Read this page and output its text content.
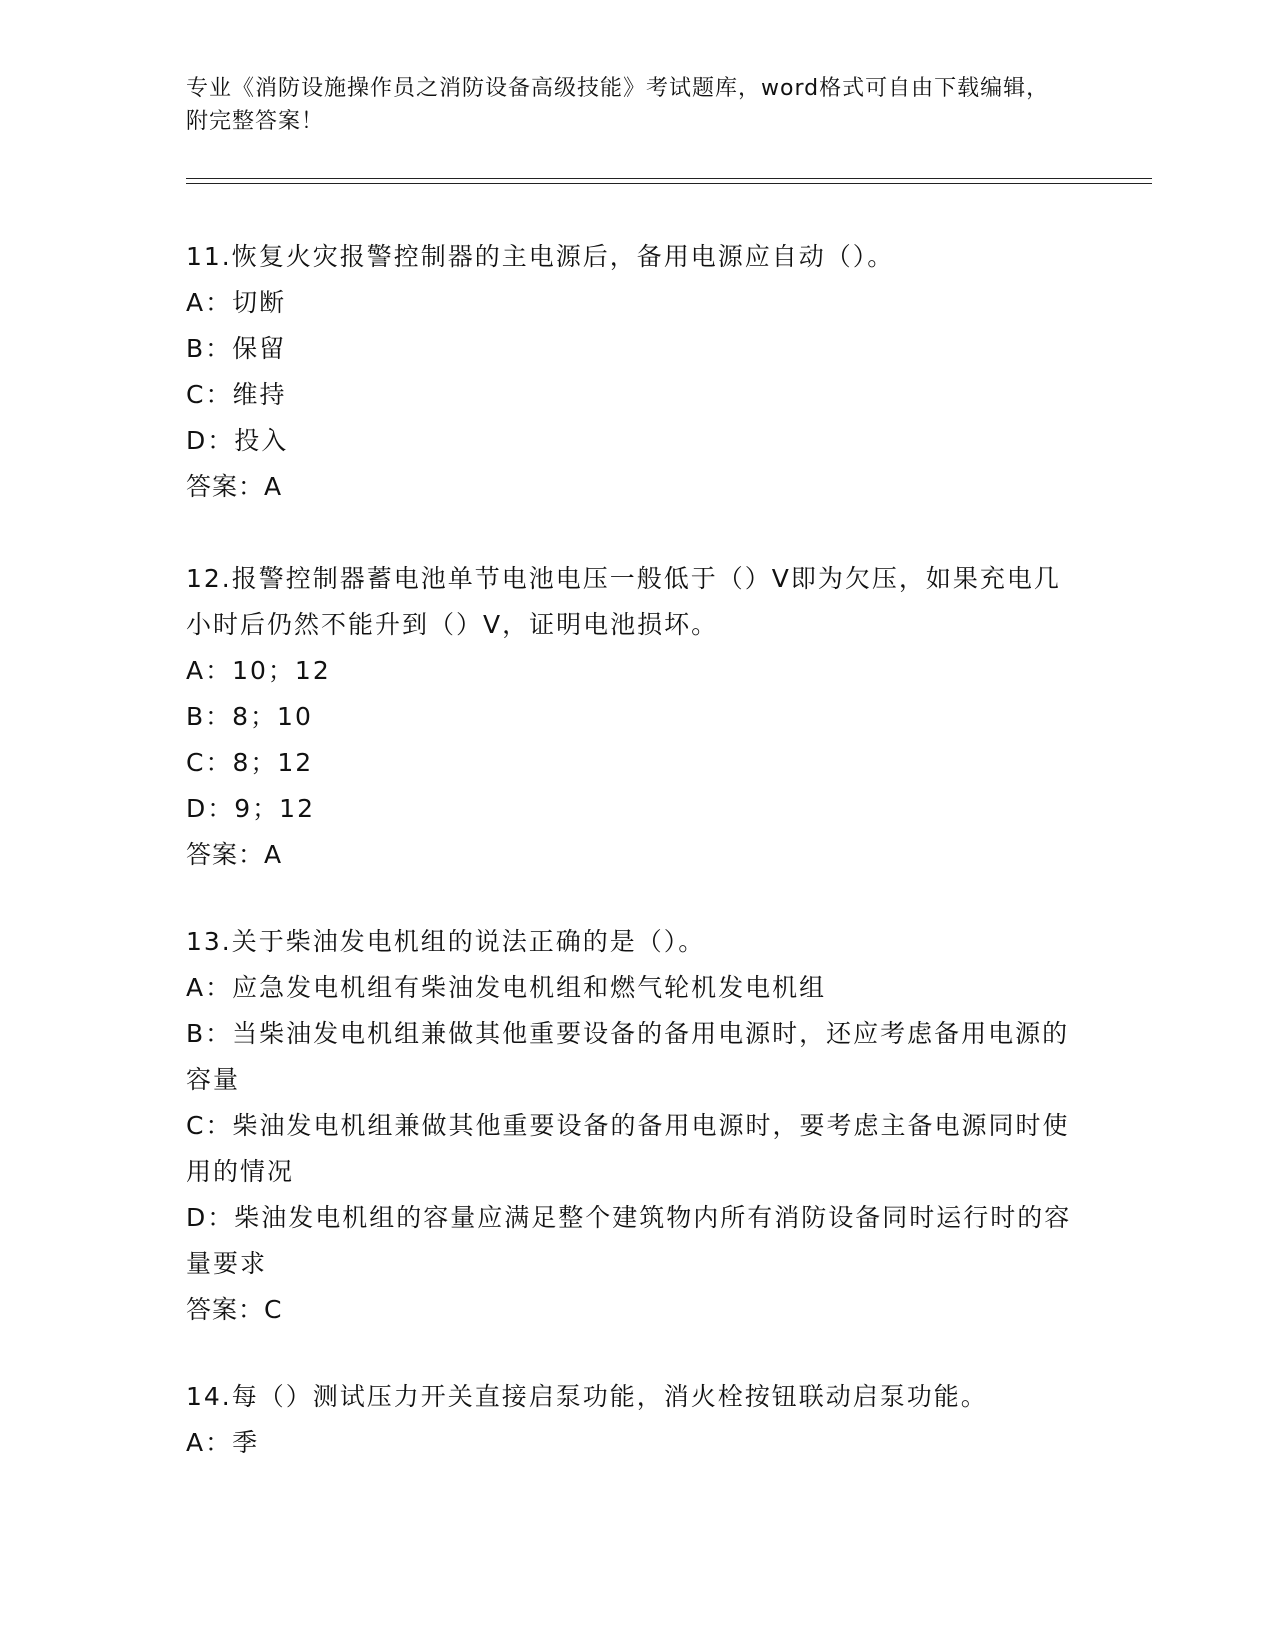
专业《消防设施操作员之消防设备高级技能》考试题库，word格式可自由下载编辑，附完整答案！
11.恢复火灾报警控制器的主电源后，备用电源应自动（）。
A：切断
B：保留
C：维持
D：投入
答案：A
12.报警控制器蓄电池单节电池电压一般低于（）V即为欠压，如果充电几小时后仍然不能升到（）V，证明电池损坏。
A：10；12
B：8；10
C：8；12
D：9；12
答案：A
13.关于柴油发电机组的说法正确的是（）。
A：应急发电机组有柴油发电机组和燃气轮机发电机组
B：当柴油发电机组兼做其他重要设备的备用电源时，还应考虑备用电源的容量
C：柴油发电机组兼做其他重要设备的备用电源时，要考虑主备电源同时使用的情况
D：柴油发电机组的容量应满足整个建筑物内所有消防设备同时运行时的容量要求
答案：C
14.每（）测试压力开关直接启泵功能，消火栓按钮联动启泵功能。
A：季
